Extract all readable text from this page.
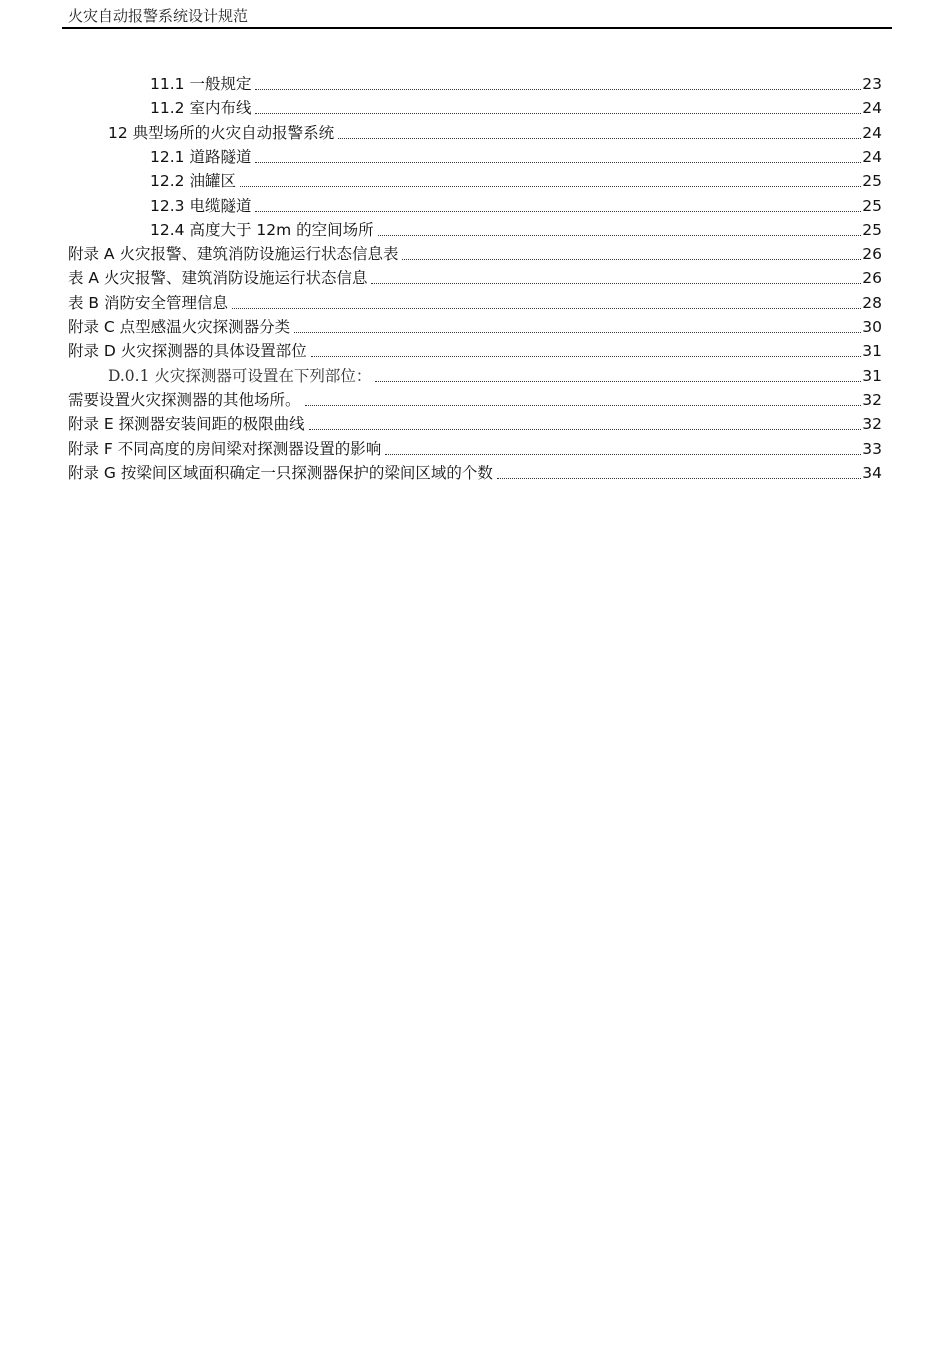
火灾自动报警系统设计规范
11.1 一般规定	23
11.2 室内布线	24
12 典型场所的火灾自动报警系统	24
12.1 道路隧道	24
12.2 油罐区	25
12.3 电缆隧道	25
12.4 高度大于 12m 的空间场所	25
附录 A 火灾报警、建筑消防设施运行状态信息表	26
表 A 火灾报警、建筑消防设施运行状态信息	26
表 B 消防安全管理信息	28
附录 C 点型感温火灾探测器分类	30
附录 D 火灾探测器的具体设置部位	31
D.0.1 火灾探测器可设置在下列部位：	31
需要设置火灾探测器的其他场所。	32
附录 E 探测器安装间距的极限曲线	32
附录 F 不同高度的房间梁对探测器设置的影响	33
附录 G 按梁间区域面积确定一只探测器保护的梁间区域的个数	34
